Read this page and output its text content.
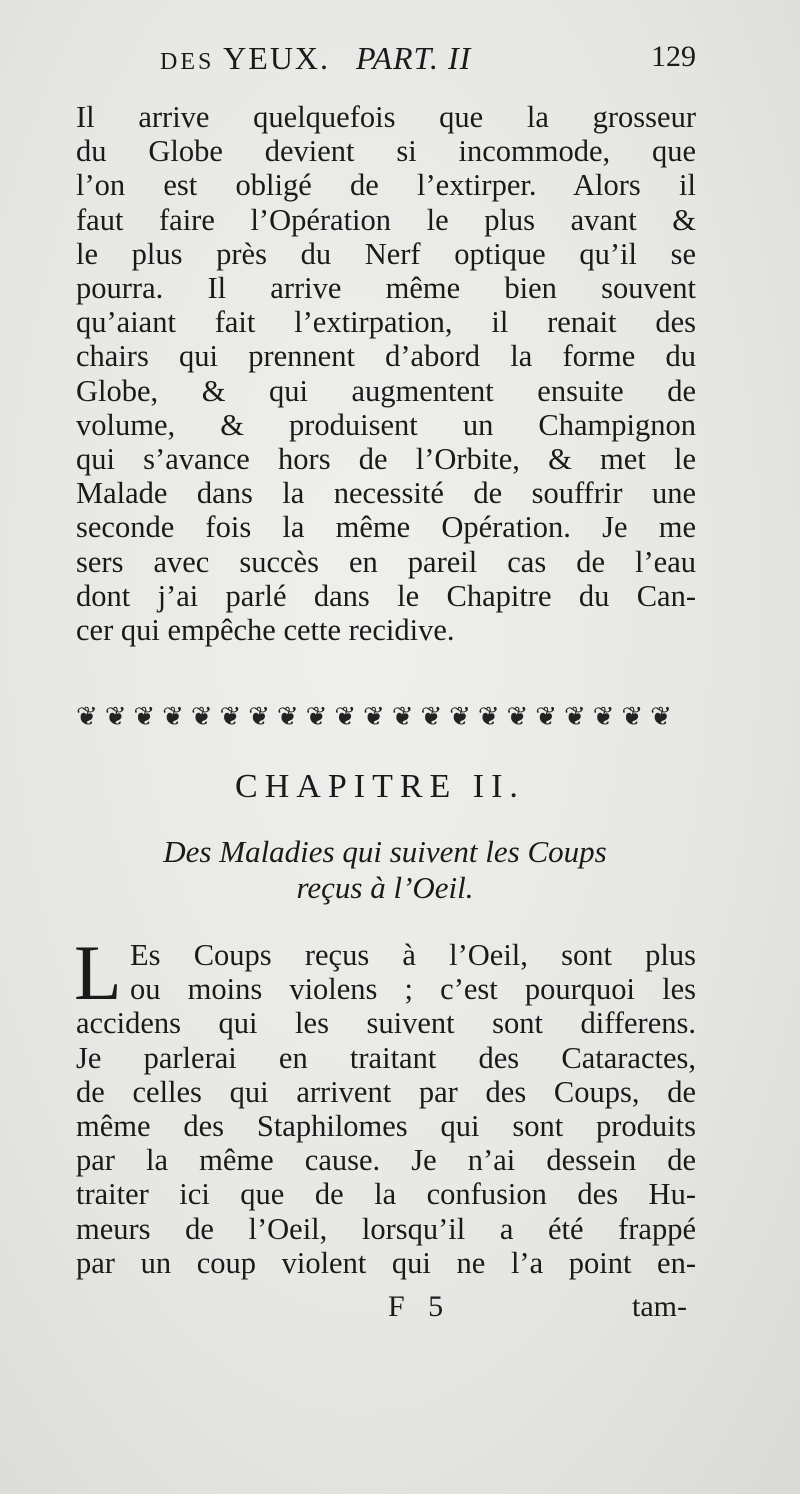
DES YEUX. PART. II	129
Il arrive quelquefois que la grosseur
du Globe devient si incommode, que
l’on est obligé de l’extirper. Alors il
faut faire l’Opération le plus avant &
le plus près du Nerf optique qu’il se
pourra. Il arrive même bien souvent
qu’aiant fait l’extirpation, il renait des
chairs qui prennent d’abord la forme du
Globe, & qui augmentent ensuite de
volume, & produisent un Champignon
qui s’avance hors de l’Orbite, & met le
Malade dans la necessité de souffrir une
seconde fois la même Opération. Je me
sers avec succès en pareil cas de l’eau
dont j’ai parlé dans le Chapitre du Can-
cer qui empêche cette recidive.
❦ ❦ ❦ ❦ ❦ ❦ ❦ ❦ ❦ ❦ ❦ ❦ ❦ ❦ ❦ ❦ ❦ ❦ ❦ ❦ ❦
CHAPITRE II.
Des Maladies qui suivent les Coups
reçus à l’Oeil.
L Es Coups reçus à l’Oeil, sont plus
ou moins violens ; c’est pourquoi les
accidens qui les suivent sont differens.
Je parlerai en traitant des Cataractes,
de celles qui arrivent par des Coups, de
même des Staphilomes qui sont produits
par la même cause. Je n’ai dessein de
traiter ici que de la confusion des Hu-
meurs de l’Oeil, lorsqu’il a été frappé
par un coup violent qui ne l’a point en-
F 5	tam-
